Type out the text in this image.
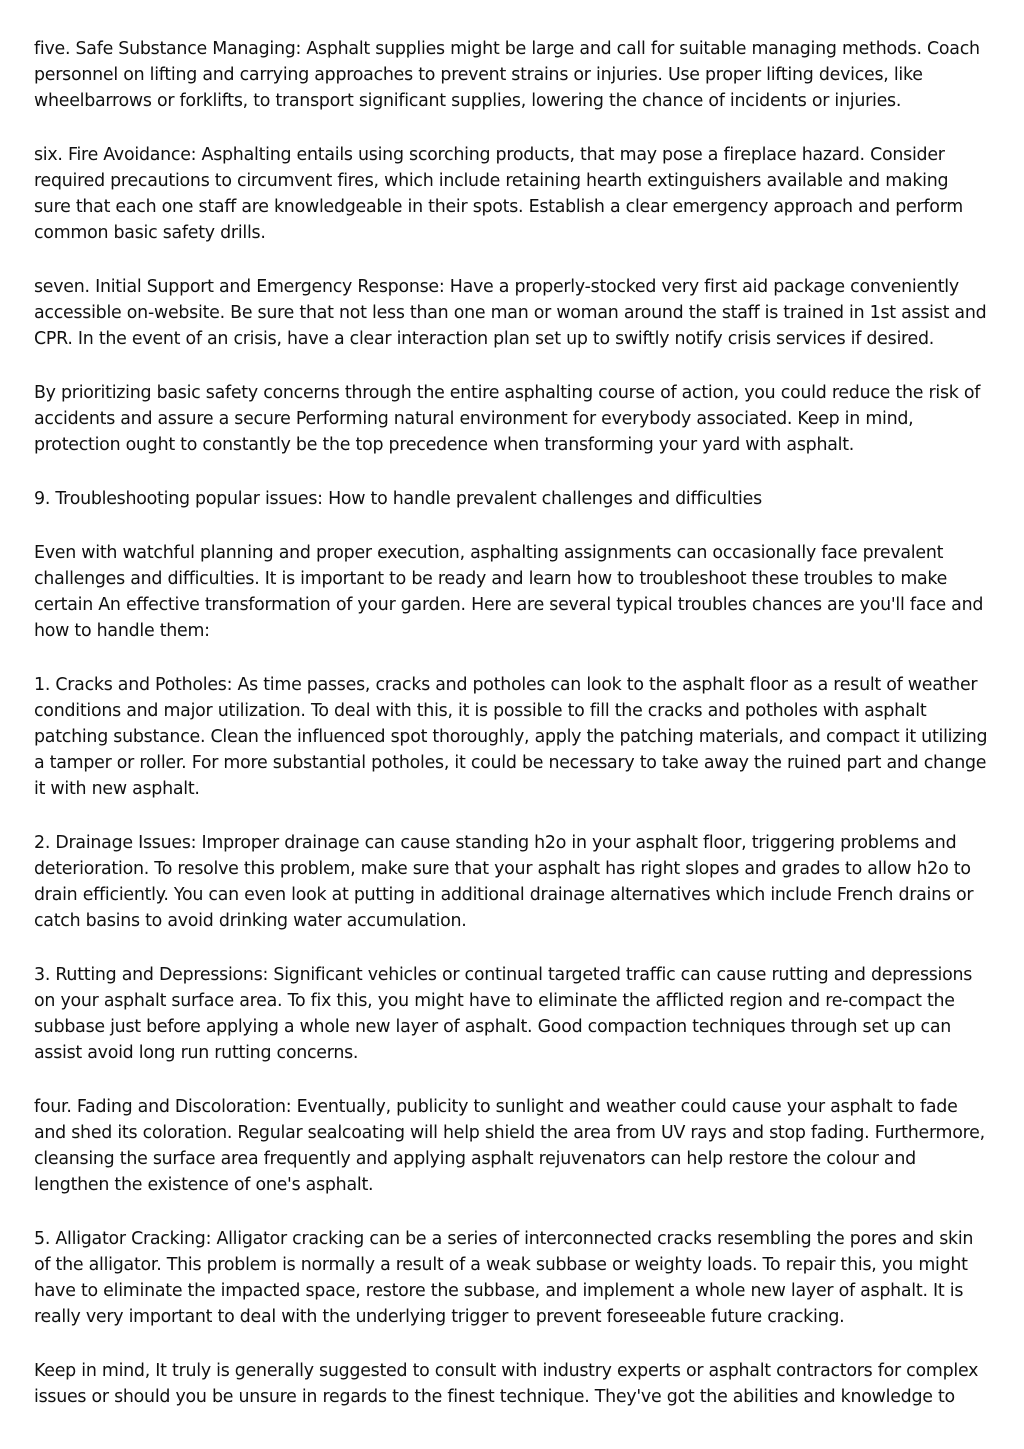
five. Safe Substance Managing: Asphalt supplies might be large and call for suitable managing methods. Coach personnel on lifting and carrying approaches to prevent strains or injuries. Use proper lifting devices, like wheelbarrows or forklifts, to transport significant supplies, lowering the chance of incidents or injuries.

six. Fire Avoidance: Asphalting entails using scorching products, that may pose a fireplace hazard. Consider required precautions to circumvent fires, which include retaining hearth extinguishers available and making sure that each one staff are knowledgeable in their spots. Establish a clear emergency approach and perform common basic safety drills.

seven. Initial Support and Emergency Response: Have a properly-stocked very first aid package conveniently accessible on-website. Be sure that not less than one man or woman around the staff is trained in 1st assist and CPR. In the event of an crisis, have a clear interaction plan set up to swiftly notify crisis services if desired.

By prioritizing basic safety concerns through the entire asphalting course of action, you could reduce the risk of accidents and assure a secure Performing natural environment for everybody associated. Keep in mind, protection ought to constantly be the top precedence when transforming your yard with asphalt.

9. Troubleshooting popular issues: How to handle prevalent challenges and difficulties

Even with watchful planning and proper execution, asphalting assignments can occasionally face prevalent challenges and difficulties. It is important to be ready and learn how to troubleshoot these troubles to make certain An effective transformation of your garden. Here are several typical troubles chances are you'll face and how to handle them:

1. Cracks and Potholes: As time passes, cracks and potholes can look to the asphalt floor as a result of weather conditions and major utilization. To deal with this, it is possible to fill the cracks and potholes with asphalt patching substance. Clean the influenced spot thoroughly, apply the patching materials, and compact it utilizing a tamper or roller. For more substantial potholes, it could be necessary to take away the ruined part and change it with new asphalt.

2. Drainage Issues: Improper drainage can cause standing h2o in your asphalt floor, triggering problems and deterioration. To resolve this problem, make sure that your asphalt has right slopes and grades to allow h2o to drain efficiently. You can even look at putting in additional drainage alternatives which include French drains or catch basins to avoid drinking water accumulation.

3. Rutting and Depressions: Significant vehicles or continual targeted traffic can cause rutting and depressions on your asphalt surface area. To fix this, you might have to eliminate the afflicted region and re-compact the subbase just before applying a whole new layer of asphalt. Good compaction techniques through set up can assist avoid long run rutting concerns.

four. Fading and Discoloration: Eventually, publicity to sunlight and weather could cause your asphalt to fade and shed its coloration. Regular sealcoating will help shield the area from UV rays and stop fading. Furthermore, cleansing the surface area frequently and applying asphalt rejuvenators can help restore the colour and lengthen the existence of one's asphalt.

5. Alligator Cracking: Alligator cracking can be a series of interconnected cracks resembling the pores and skin of the alligator. This problem is normally a result of a weak subbase or weighty loads. To repair this, you might have to eliminate the impacted space, restore the subbase, and implement a whole new layer of asphalt. It is really very important to deal with the underlying trigger to prevent foreseeable future cracking.

Keep in mind, It truly is generally suggested to consult with industry experts or asphalt contractors for complex issues or should you be unsure in regards to the finest technique. They've got the abilities and knowledge to
